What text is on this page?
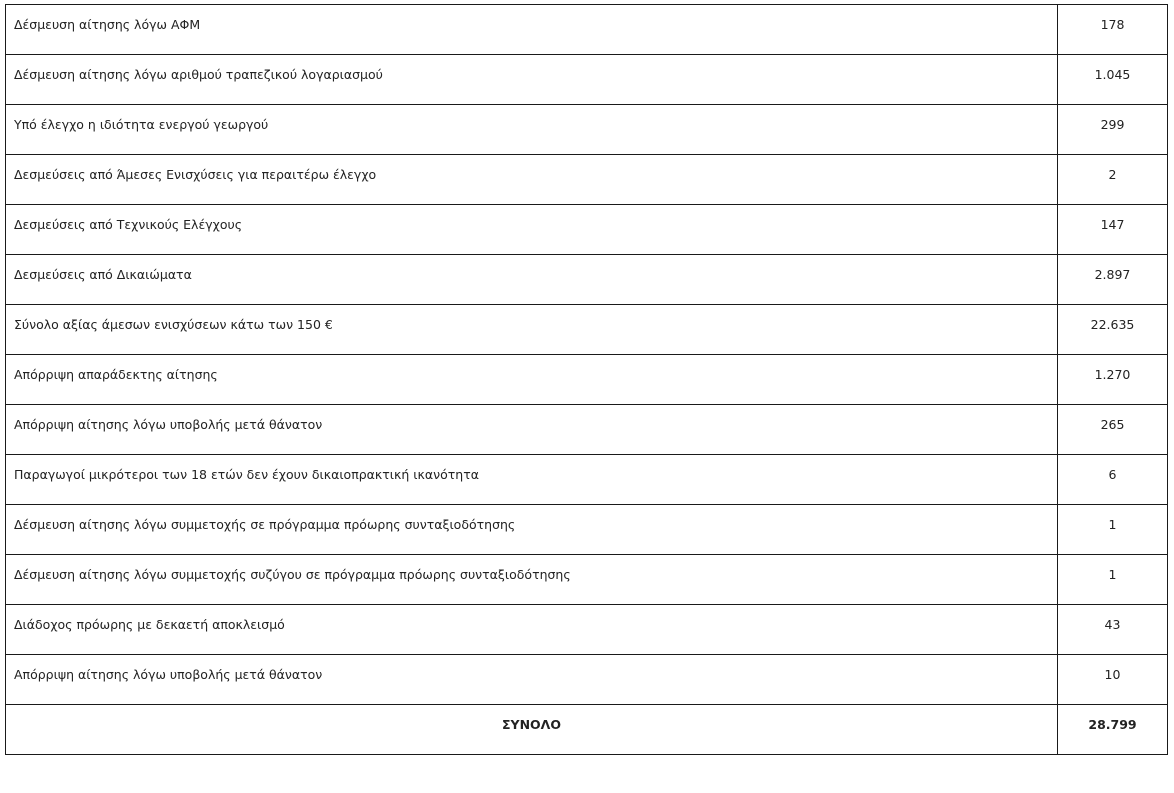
Δέσμευση αίτησης λόγω ΑΦΜ	178
Δέσμευση αίτησης λόγω αριθμού τραπεζικού λογαριασμού	1.045
Υπό έλεγχο η ιδιότητα ενεργού γεωργού	299
Δεσμεύσεις από Άμεσες Ενισχύσεις για περαιτέρω έλεγχο	2
Δεσμεύσεις από Τεχνικούς Ελέγχους	147
Δεσμεύσεις από Δικαιώματα	2.897
Σύνολο αξίας άμεσων ενισχύσεων κάτω των 150 €	22.635
Απόρριψη απαράδεκτης αίτησης	1.270
Απόρριψη αίτησης λόγω υποβολής μετά θάνατον	265
Παραγωγοί μικρότεροι των 18 ετών δεν έχουν δικαιοπρακτική ικανότητα	6
Δέσμευση αίτησης λόγω συμμετοχής σε πρόγραμμα πρόωρης συνταξιοδότησης	1
Δέσμευση αίτησης λόγω συμμετοχής συζύγου σε πρόγραμμα πρόωρης συνταξιοδότησης	1
Διάδοχος πρόωρης με δεκαετή αποκλεισμό	43
Απόρριψη αίτησης λόγω υποβολής μετά θάνατον	10
ΣΥΝΟΛΟ	28.799
